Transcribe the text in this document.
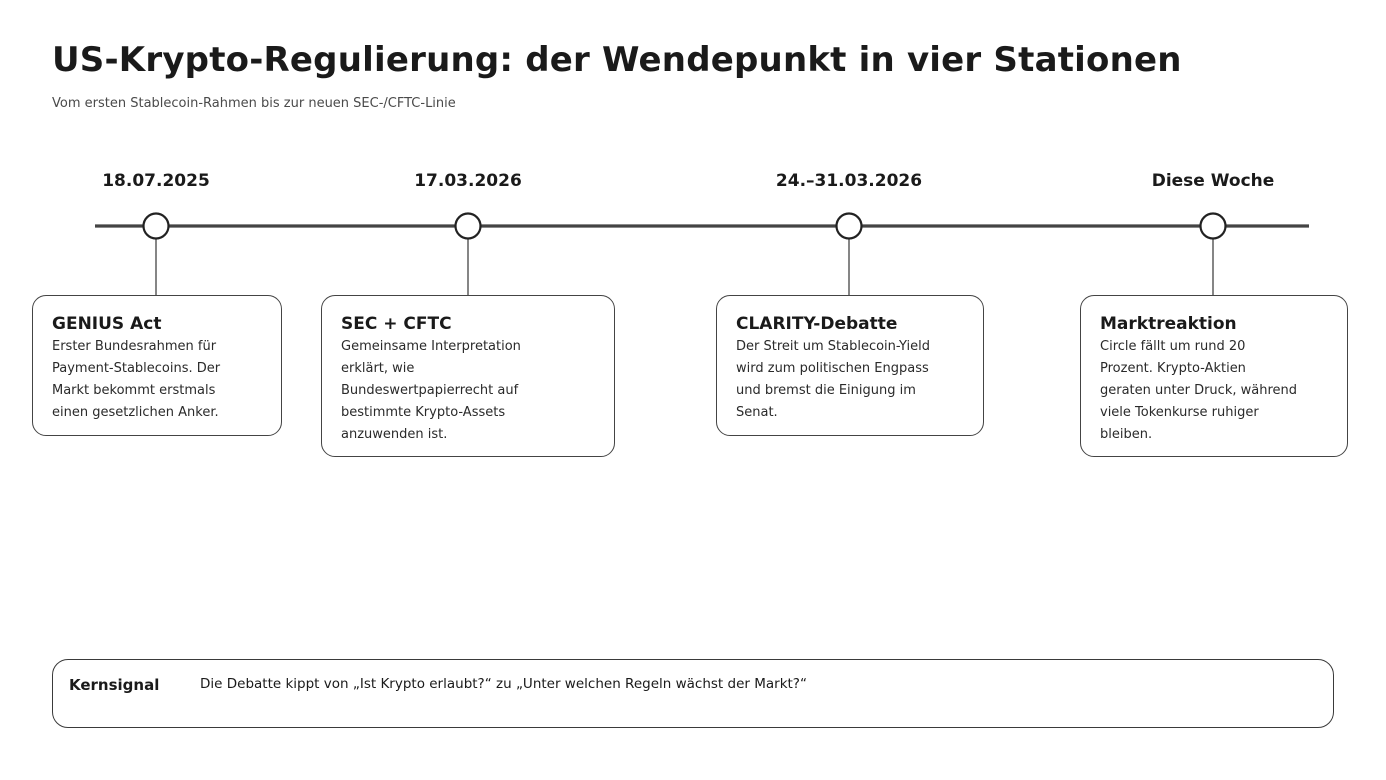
US-Krypto-Regulierung: der Wendepunkt in vier Stationen
Vom ersten Stablecoin-Rahmen bis zur neuen SEC-/CFTC-Linie
18.07.2025	17.03.2026	24.–31.03.2026	Diese Woche
GENIUS Act
Erster Bundesrahmen für
Payment-Stablecoins. Der
Markt bekommt erstmals
einen gesetzlichen Anker.
SEC + CFTC
Gemeinsame Interpretation
erklärt, wie
Bundeswertpapierrecht auf
bestimmte Krypto-Assets
anzuwenden ist.
CLARITY-Debatte
Der Streit um Stablecoin-Yield
wird zum politischen Engpass
und bremst die Einigung im
Senat.
Marktreaktion
Circle fällt um rund 20
Prozent. Krypto-Aktien
geraten unter Druck, während
viele Tokenkurse ruhiger
bleiben.
Kernsignal	Die Debatte kippt von „Ist Krypto erlaubt?“ zu „Unter welchen Regeln wächst der Markt?“
